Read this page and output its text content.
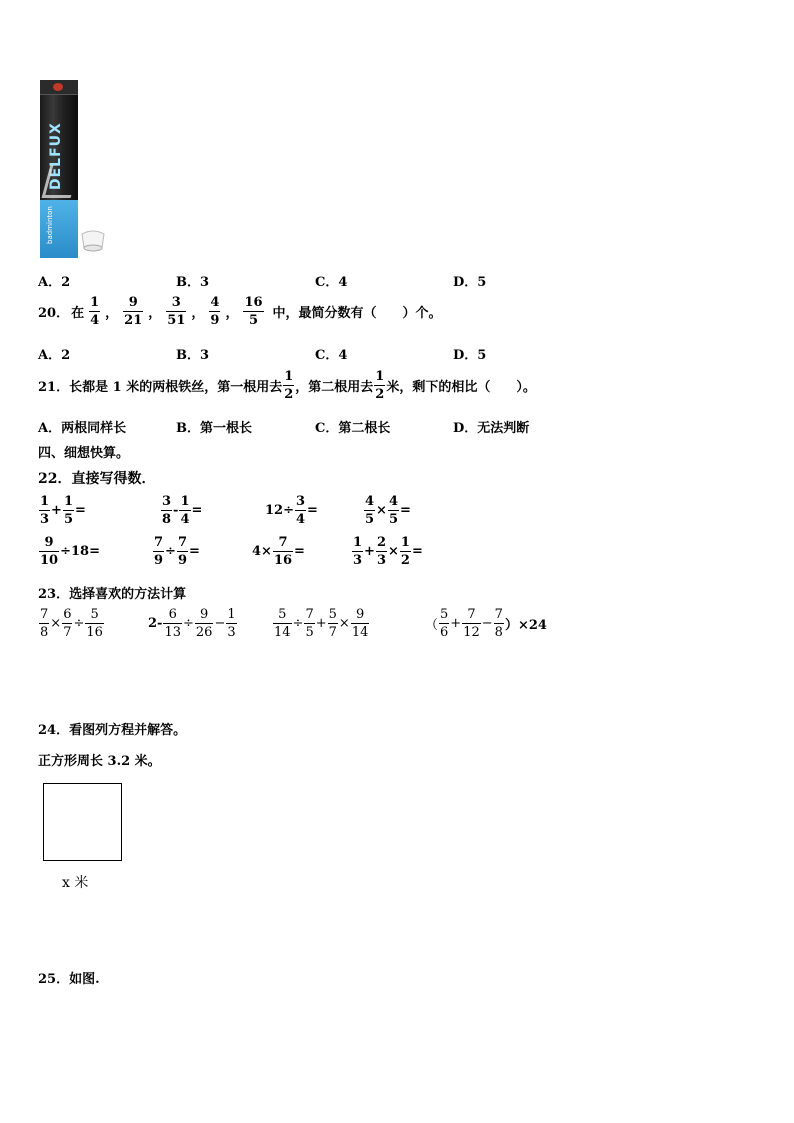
DELFUX
badminton
A．2	B．3	C．4	D．5
20． 在 $\frac{1}{4}$ ， $\frac{9}{21}$ ， $\frac{3}{51}$ ， $\frac{4}{9}$ ， $\frac{16}{5}$ 中，最简分数有（　　）个。
A．2	B．3	C．4	D．5
21．长都是 1 米的两根铁丝，第一根用去 $\frac{1}{2}$ ，第二根用去 $\frac{1}{2}$ 米，剩下的相比（　　）。
A．两根同样长	B．第一根长	C．第二根长	D．无法判断
四、细想快算。
22．直接写得数．
$\frac{1}{3} + \frac{1}{5}$ =	$\frac{3}{8} - \frac{1}{4}$ =	$12\div \frac{3}{4}$ =	$\frac{4}{5} \times \frac{4}{5}$ =
$\frac{9}{10} \div 18=$	$\frac{7}{9} \div \frac{7}{9}$ =	$4\times \frac{7}{16}$ =	$\frac{1}{3} + \frac{2}{3} \times \frac{1}{2}$ =
23．选择喜欢的方法计算
$\frac{7}{8} \times \frac{6}{7} \div \frac{5}{16}$	$2- \frac{6}{13} \div \frac{9}{26} - \frac{1}{3}$	$\frac{5}{14} \div \frac{7}{5} + \frac{5}{7} \times \frac{9}{14}$	（ $\frac{5}{6} + \frac{7}{12} - \frac{7}{8} )\times 24$
24．看图列方程并解答。
正方形周长 3.2 米。
x 米
25．如图.
